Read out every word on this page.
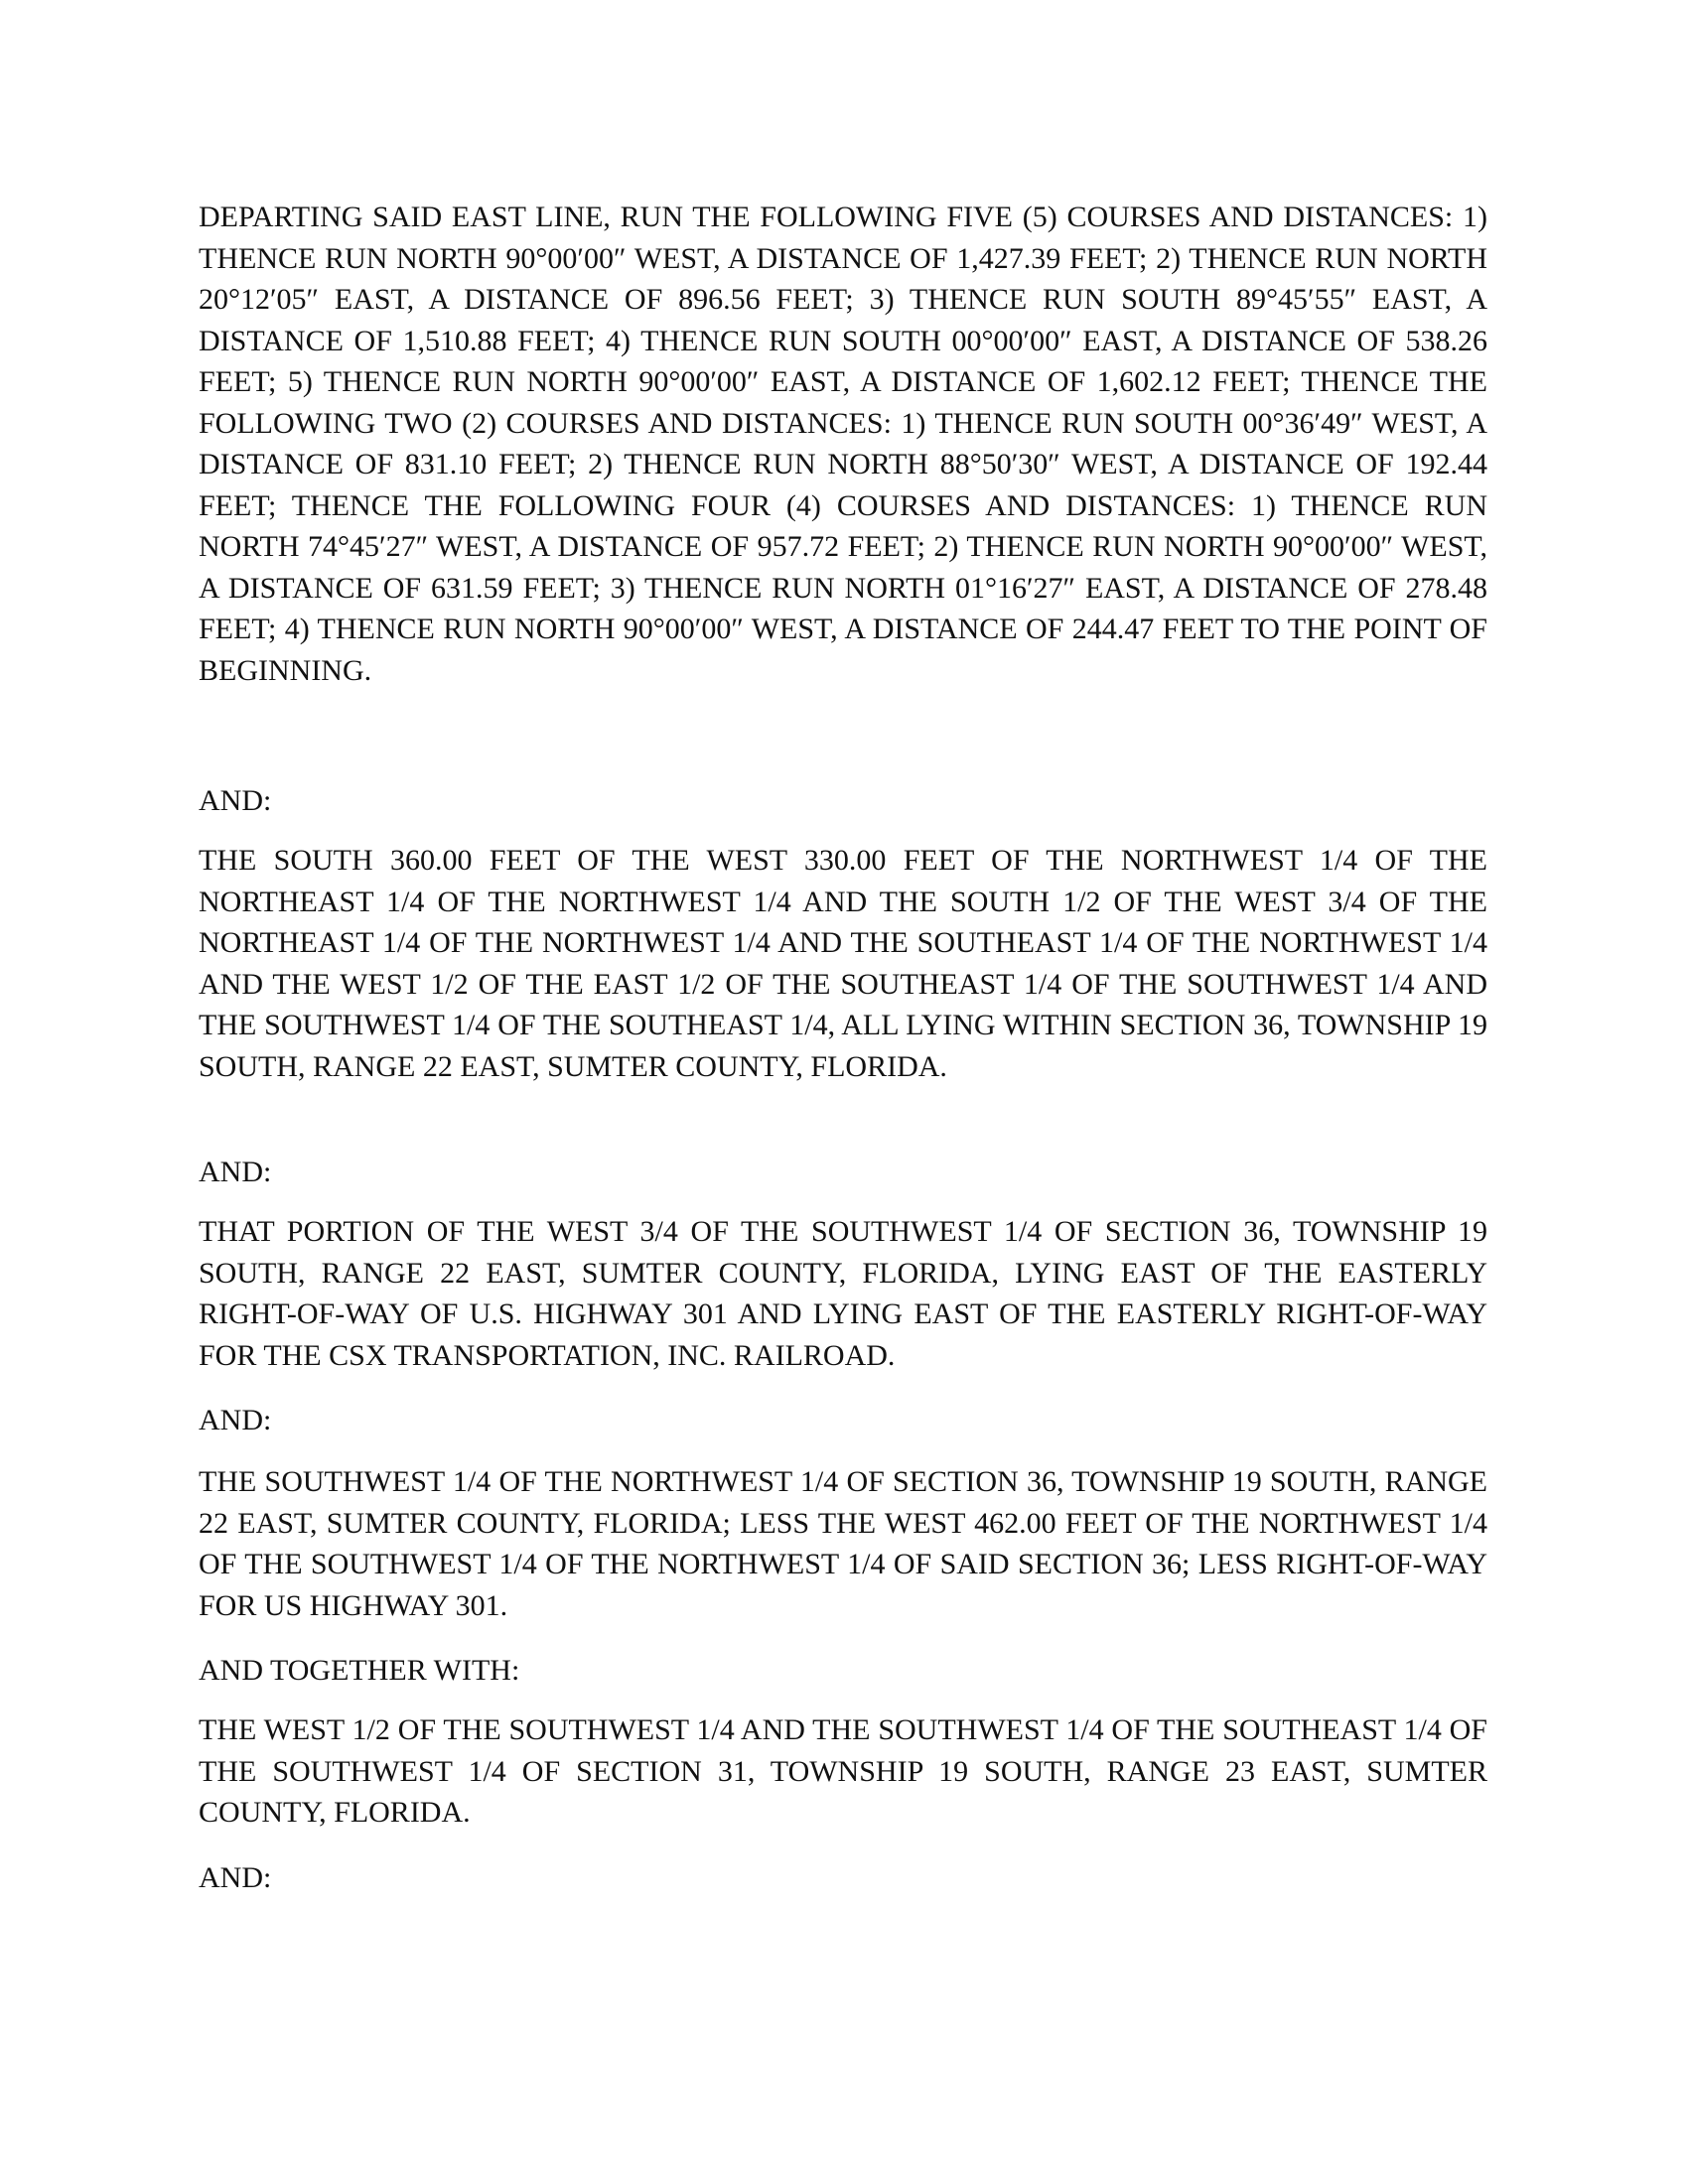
DEPARTING SAID EAST LINE, RUN THE FOLLOWING FIVE (5) COURSES AND DISTANCES: 1) THENCE RUN NORTH 90°00′00″ WEST, A DISTANCE OF 1,427.39 FEET; 2) THENCE RUN NORTH 20°12′05″ EAST, A DISTANCE OF 896.56 FEET; 3) THENCE RUN SOUTH 89°45′55″ EAST, A DISTANCE OF 1,510.88 FEET; 4) THENCE RUN SOUTH 00°00′00″ EAST, A DISTANCE OF 538.26 FEET; 5) THENCE RUN NORTH 90°00′00″ EAST, A DISTANCE OF 1,602.12 FEET; THENCE THE FOLLOWING TWO (2) COURSES AND DISTANCES: 1) THENCE RUN SOUTH 00°36′49″ WEST, A DISTANCE OF 831.10 FEET; 2) THENCE RUN NORTH 88°50′30″ WEST, A DISTANCE OF 192.44 FEET; THENCE THE FOLLOWING FOUR (4) COURSES AND DISTANCES: 1) THENCE RUN NORTH 74°45′27″ WEST, A DISTANCE OF 957.72 FEET; 2) THENCE RUN NORTH 90°00′00″ WEST, A DISTANCE OF 631.59 FEET; 3) THENCE RUN NORTH 01°16′27″ EAST, A DISTANCE OF 278.48 FEET; 4) THENCE RUN NORTH 90°00′00″ WEST, A DISTANCE OF 244.47 FEET TO THE POINT OF BEGINNING.

AND:

THE SOUTH 360.00 FEET OF THE WEST 330.00 FEET OF THE NORTHWEST 1/4 OF THE NORTHEAST 1/4 OF THE NORTHWEST 1/4 AND THE SOUTH 1/2 OF THE WEST 3/4 OF THE NORTHEAST 1/4 OF THE NORTHWEST 1/4 AND THE SOUTHEAST 1/4 OF THE NORTHWEST 1/4 AND THE WEST 1/2 OF THE EAST 1/2 OF THE SOUTHEAST 1/4 OF THE SOUTHWEST 1/4 AND THE SOUTHWEST 1/4 OF THE SOUTHEAST 1/4, ALL LYING WITHIN SECTION 36, TOWNSHIP 19 SOUTH, RANGE 22 EAST, SUMTER COUNTY, FLORIDA.

AND:

THAT PORTION OF THE WEST 3/4 OF THE SOUTHWEST 1/4 OF SECTION 36, TOWNSHIP 19 SOUTH, RANGE 22 EAST, SUMTER COUNTY, FLORIDA, LYING EAST OF THE EASTERLY RIGHT-OF-WAY OF U.S. HIGHWAY 301 AND LYING EAST OF THE EASTERLY RIGHT-OF-WAY FOR THE CSX TRANSPORTATION, INC. RAILROAD.

AND:

THE SOUTHWEST 1/4 OF THE NORTHWEST 1/4 OF SECTION 36, TOWNSHIP 19 SOUTH, RANGE 22 EAST, SUMTER COUNTY, FLORIDA; LESS THE WEST 462.00 FEET OF THE NORTHWEST 1/4 OF THE SOUTHWEST 1/4 OF THE NORTHWEST 1/4 OF SAID SECTION 36; LESS RIGHT-OF-WAY FOR US HIGHWAY 301.

AND TOGETHER WITH:

THE WEST 1/2 OF THE SOUTHWEST 1/4 AND THE SOUTHWEST 1/4 OF THE SOUTHEAST 1/4 OF THE SOUTHWEST 1/4 OF SECTION 31, TOWNSHIP 19 SOUTH, RANGE 23 EAST, SUMTER COUNTY, FLORIDA.

AND:
